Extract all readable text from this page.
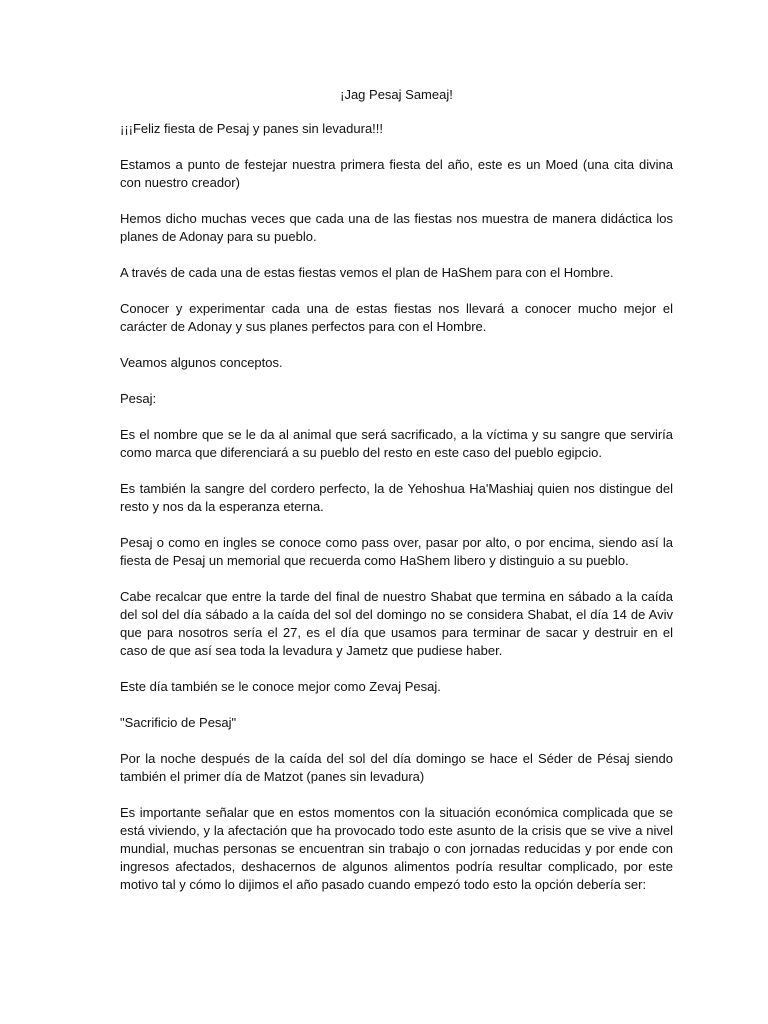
¡Jag Pesaj Sameaj!

¡¡¡Feliz fiesta de Pesaj y panes sin levadura!!!

Estamos a punto de festejar nuestra primera fiesta del año, este es un Moed (una cita divina con nuestro creador)

Hemos dicho muchas veces que cada una de las fiestas nos muestra de manera didáctica los planes de Adonay para su pueblo.

A través de cada una de estas fiestas vemos el plan de HaShem para con el Hombre.

Conocer y experimentar cada una de estas fiestas nos llevará a conocer mucho mejor el carácter de Adonay y sus planes perfectos para con el Hombre.

Veamos algunos conceptos.

Pesaj:

Es el nombre que se le da al animal que será sacrificado, a la víctima y su sangre que serviría como marca que diferenciará a su pueblo del resto en este caso del pueblo egipcio.

Es también la sangre del cordero perfecto, la de Yehoshua Ha'Mashiaj quien nos distingue del resto y nos da la esperanza eterna.

Pesaj o como en ingles se conoce como pass over, pasar por alto, o por encima, siendo así la fiesta de Pesaj un memorial que recuerda como HaShem libero y distinguio a su pueblo.

Cabe recalcar que entre la tarde del final de nuestro Shabat que termina en sábado a la caída del sol del día sábado a la caída del sol del domingo no se considera Shabat, el día 14 de Aviv que para nosotros sería el 27, es el día que usamos para terminar de sacar y destruir en el caso de que así sea toda la levadura y Jametz que pudiese haber.

Este día también se le conoce mejor como Zevaj Pesaj.

"Sacrificio de Pesaj"

Por la noche después de la caída del sol del día domingo se hace el Séder de Pésaj siendo también el primer día de Matzot (panes sin levadura)

Es importante señalar que en estos momentos con la situación económica complicada que se está viviendo, y la afectación que ha provocado todo este asunto de la crisis que se vive a nivel mundial, muchas personas se encuentran sin trabajo o con jornadas reducidas y por ende con ingresos afectados, deshacernos de algunos alimentos podría resultar complicado, por este motivo tal y cómo lo dijimos el año pasado cuando empezó todo esto la opción debería ser:
